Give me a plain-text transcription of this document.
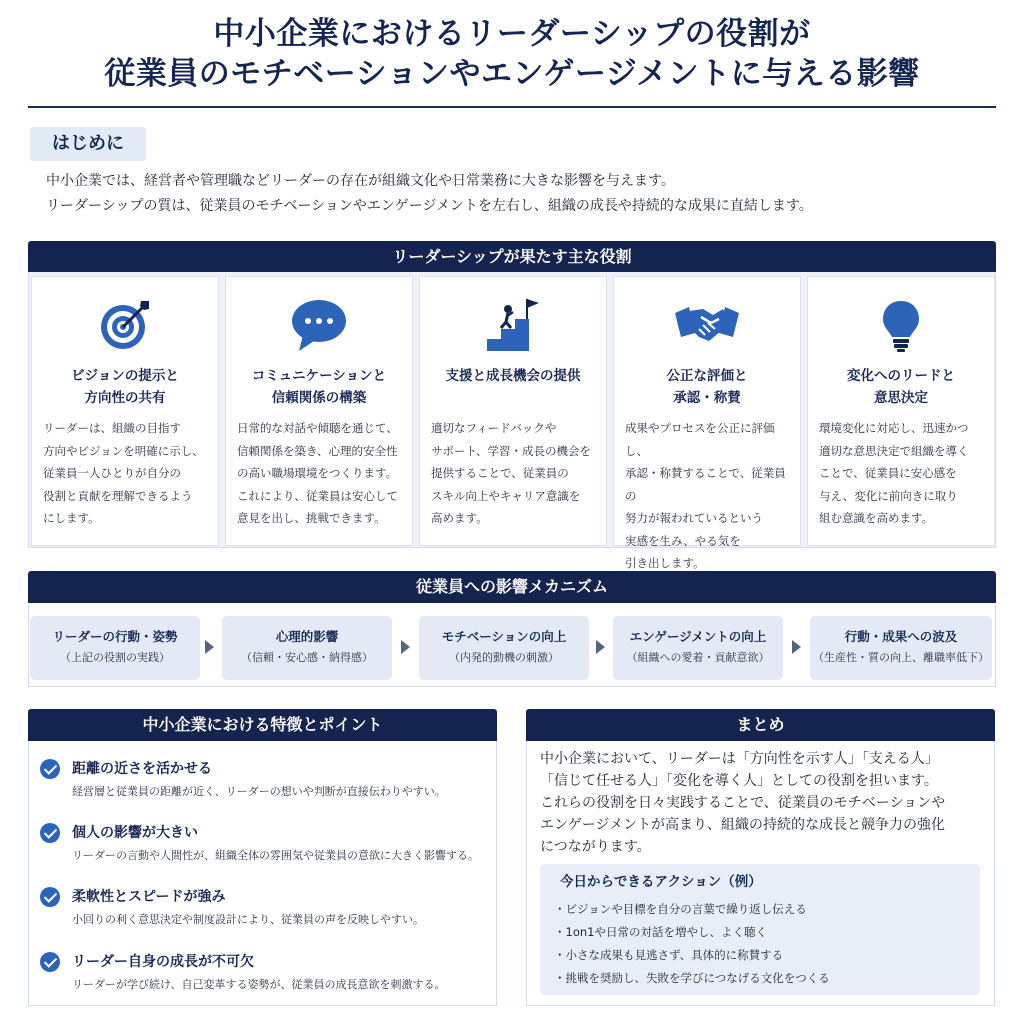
中小企業におけるリーダーシップの役割が
従業員のモチベーションやエンゲージメントに与える影響
はじめに
中小企業では、経営者や管理職などリーダーの存在が組織文化や日常業務に大きな影響を与えます。
リーダーシップの質は、従業員のモチベーションやエンゲージメントを左右し、組織の成長や持続的な成果に直結します。
リーダーシップが果たす主な役割
ビジョンの提示と
方向性の共有
リーダーは、組織の目指す
方向やビジョンを明確に示し、
従業員一人ひとりが自分の
役割と貢献を理解できるよう
にします。
コミュニケーションと
信頼関係の構築
日常的な対話や傾聴を通じて、
信頼関係を築き、心理的安全性
の高い職場環境をつくります。
これにより、従業員は安心して
意見を出し、挑戦できます。
支援と成長機会の提供
適切なフィードバックや
サポート、学習・成長の機会を
提供することで、従業員の
スキル向上やキャリア意識を
高めます。
公正な評価と
承認・称賛
成果やプロセスを公正に評価し、
承認・称賛することで、従業員の
努力が報われているという
実感を生み、やる気を
引き出します。
変化へのリードと
意思決定
環境変化に対応し、迅速かつ
適切な意思決定で組織を導く
ことで、従業員に安心感を
与え、変化に前向きに取り
組む意識を高めます。
従業員への影響メカニズム
リーダーの行動・姿勢
（上記の役割の実践）
心理的影響
（信頼・安心感・納得感）
モチベーションの向上
（内発的動機の刺激）
エンゲージメントの向上
（組織への愛着・貢献意欲）
行動・成果への波及
（生産性・質の向上、離職率低下）
中小企業における特徴とポイント
距離の近さを活かせる
経営層と従業員の距離が近く、リーダーの想いや判断が直接伝わりやすい。
個人の影響が大きい
リーダーの言動や人間性が、組織全体の雰囲気や従業員の意欲に大きく影響する。
柔軟性とスピードが強み
小回りの利く意思決定や制度設計により、従業員の声を反映しやすい。
リーダー自身の成長が不可欠
リーダーが学び続け、自己変革する姿勢が、従業員の成長意欲を刺激する。
まとめ
中小企業において、リーダーは「方向性を示す人」「支える人」
「信じて任せる人」「変化を導く人」としての役割を担います。
これらの役割を日々実践することで、従業員のモチベーションや
エンゲージメントが高まり、組織の持続的な成長と競争力の強化
につながります。
今日からできるアクション（例）
・ビジョンや目標を自分の言葉で繰り返し伝える
・1on1や日常の対話を増やし、よく聴く
・小さな成果も見逃さず、具体的に称賛する
・挑戦を奨励し、失敗を学びにつなげる文化をつくる
